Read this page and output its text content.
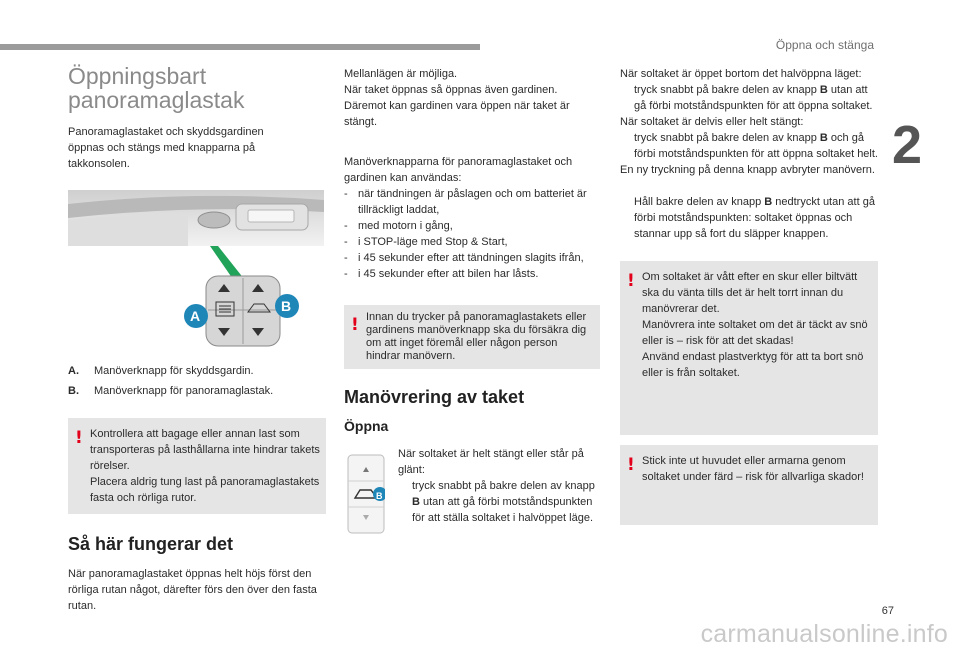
Öppna och stänga
2
Öppningsbart
panoramaglastak

Panoramaglastaket och skyddsgardinen öppnas och stängs med knapparna på takkonsolen.

A
B
A.	Manöverknapp för skyddsgardin.
B.	Manöverknapp för panoramaglastak.
! Kontrollera att bagage eller annan last som transporteras på lasthållarna inte hindrar takets rörelser.
Placera aldrig tung last på panoramaglastakets fasta och rörliga rutor.
Så här fungerar det

När panoramaglastaket öppnas helt höjs först den rörliga rutan något, därefter förs den över den fasta rutan.

Mellanlägen är möjliga.
När taket öppnas så öppnas även gardinen.
Däremot kan gardinen vara öppen när taket är stängt.

Manöverknapparna för panoramaglastaket och gardinen kan användas:

- när tändningen är påslagen och om batteriet är tillräckligt laddat,
- med motorn i gång,
- i STOP-läge med Stop & Start,
- i 45 sekunder efter att tändningen slagits ifrån,
- i 45 sekunder efter att bilen har låsts.
! Innan du trycker på panoramaglastakets eller gardinens manöverknapp ska du försäkra dig om att inget föremål eller någon person hindrar manövern.
Manövrering av taket
Öppna
B

När soltaket är helt stängt eller står på glänt:

tryck snabbt på bakre delen av knapp B utan att gå förbi motståndspunkten för att ställa soltaket i halvöppet läge.

När soltaket är öppet bortom det halvöppna läget:

tryck snabbt på bakre delen av knapp B utan att gå förbi motståndspunkten för att öppna soltaket.

När soltaket är delvis eller helt stängt:

tryck snabbt på bakre delen av knapp B och gå förbi motståndspunkten för att öppna soltaket helt.

En ny tryckning på denna knapp avbryter manövern.

Håll bakre delen av knapp B nedtryckt utan att gå förbi motståndspunkten: soltaket öppnas och stannar upp så fort du släpper knappen.
! Om soltaket är vått efter en skur eller biltvätt ska du vänta tills det är helt torrt innan du manövrerar det.
Manövrera inte soltaket om det är täckt av snö eller is – risk för att det skadas!
Använd endast plastverktyg för att ta bort snö eller is från soltaket.
! Stick inte ut huvudet eller armarna genom soltaket under färd – risk för allvarliga skador!
67
carmanualsonline.info
